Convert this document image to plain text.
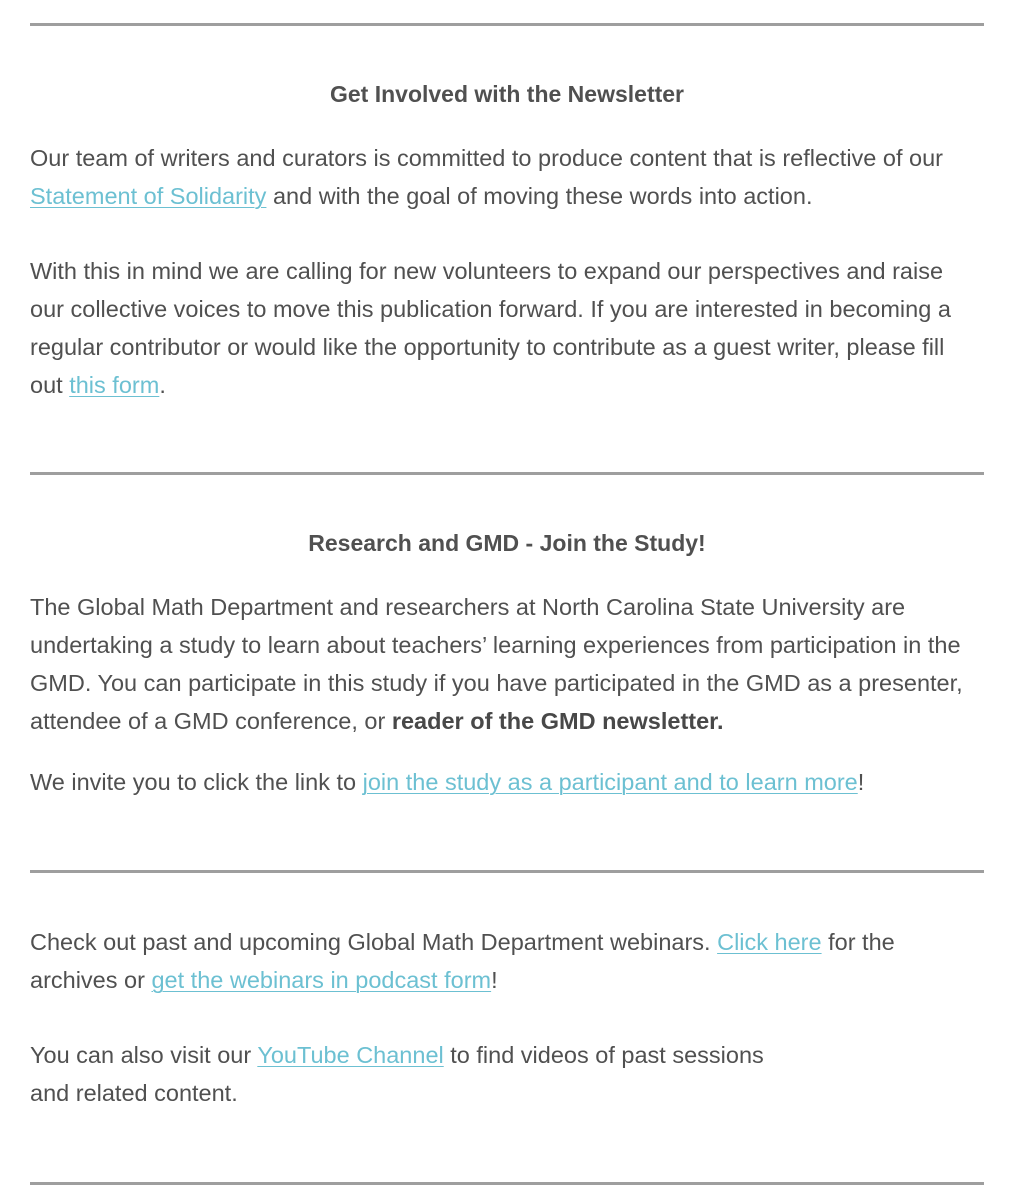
Get Involved with the Newsletter

Our team of writers and curators is committed to produce content that is reflective of our Statement of Solidarity and with the goal of moving these words into action.

With this in mind we are calling for new volunteers to expand our perspectives and raise our collective voices to move this publication forward. If you are interested in becoming a regular contributor or would like the opportunity to contribute as a guest writer, please fill out this form.

Research and GMD - Join the Study!

The Global Math Department and researchers at North Carolina State University are undertaking a study to learn about teachers’ learning experiences from participation in the GMD. You can participate in this study if you have participated in the GMD as a presenter, attendee of a GMD conference, or reader of the GMD newsletter.

We invite you to click the link to join the study as a participant and to learn more!

Check out past and upcoming Global Math Department webinars. Click here for the archives or get the webinars in podcast form!

You can also visit our YouTube Channel to find videos of past sessions
and related content.
